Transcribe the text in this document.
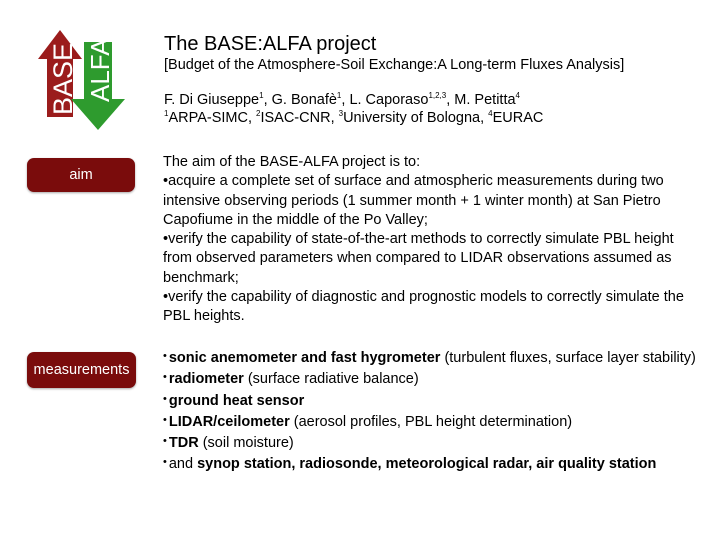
BASE ALFA The BASE:ALFA project
[Budget of the Atmosphere-Soil Exchange:A Long-term Fluxes Analysis]
F. Di Giuseppe$^1$, G. Bonafè$^1$, L. Caporaso$^{1,2,3}$, M. Petitta$^4$
$^1$ARPA-SIMC, $^2$ISAC-CNR, $^3$University of Bologna, $^4$EURAC
aim

The aim of the BASE-ALFA project is to:

•acquire a complete set of surface and atmospheric measurements during two intensive observing periods (1 summer month + 1 winter month) at San Pietro Capofiume in the middle of the Po Valley;

•verify the capability of state-of-the-art methods to correctly simulate PBL height from observed parameters when compared to LIDAR observations assumed as benchmark;

•verify the capability of diagnostic and prognostic models to correctly simulate the PBL heights.

measurements
• sonic anemometer and fast hygrometer (turbulent fluxes, surface layer stability)
• radiometer (surface radiative balance)
• ground heat sensor
• LIDAR/ceilometer (aerosol profiles, PBL height determination)
• TDR (soil moisture)
• and synop station, radiosonde, meteorological radar, air quality station
